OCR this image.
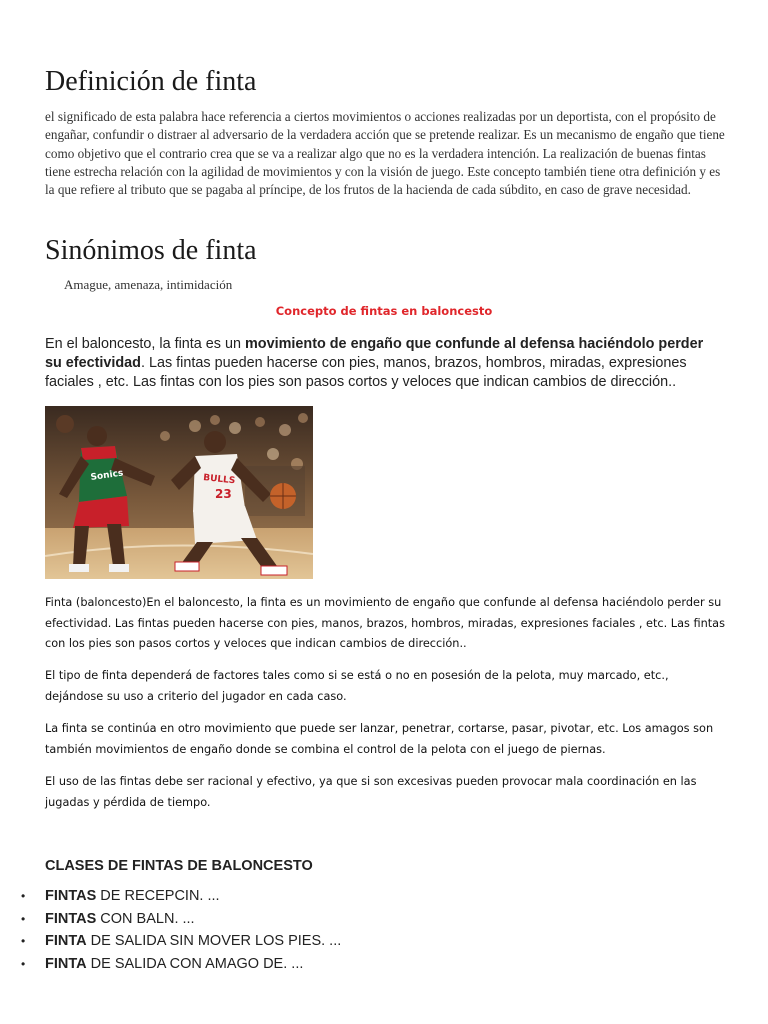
Definición de finta

el significado de esta palabra hace referencia a ciertos movimientos o acciones realizadas por un deportista, con el propósito de engañar, confundir o distraer al adversario de la verdadera acción que se pretende realizar. Es un mecanismo de engaño que tiene como objetivo que el contrario crea que se va a realizar algo que no es la verdadera intención. La realización de buenas fintas tiene estrecha relación con la agilidad de movimientos y con la visión de juego. Este concepto también tiene otra definición y es la que refiere al tributo que se pagaba al príncipe, de los frutos de la hacienda de cada súbdito, en caso de grave necesidad.

Sinónimos de finta

Amague, amenaza, intimidación

Concepto de fintas en baloncesto

En el baloncesto, la finta es un movimiento de engaño que confunde al defensa haciéndolo perder su efectividad. Las fintas pueden hacerse con pies, manos, brazos, hombros, miradas, expresiones faciales , etc. Las fintas con los pies son pasos cortos y veloces que indican cambios de dirección..

Sonics	BULLS
23

Finta (baloncesto)En el baloncesto, la finta es un movimiento de engaño que confunde al defensa haciéndolo perder su efectividad. Las fintas pueden hacerse con pies, manos, brazos, hombros, miradas, expresiones faciales , etc. Las fintas con los pies son pasos cortos y veloces que indican cambios de dirección..

El tipo de finta dependerá de factores tales como si se está o no en posesión de la pelota, muy marcado, etc., dejándose su uso a criterio del jugador en cada caso.

La finta se continúa en otro movimiento que puede ser lanzar, penetrar, cortarse, pasar, pivotar, etc. Los amagos son también movimientos de engaño donde se combina el control de la pelota con el juego de piernas.

El uso de las fintas debe ser racional y efectivo, ya que si son excesivas pueden provocar mala coordinación en las jugadas y pérdida de tiempo.

CLASES DE FINTAS DE BALONCESTO

• FINTAS DE RECEPCIN. ...
• FINTAS CON BALN. ...
• FINTA DE SALIDA SIN MOVER LOS PIES. ...
• FINTA DE SALIDA CON AMAGO DE. ...
